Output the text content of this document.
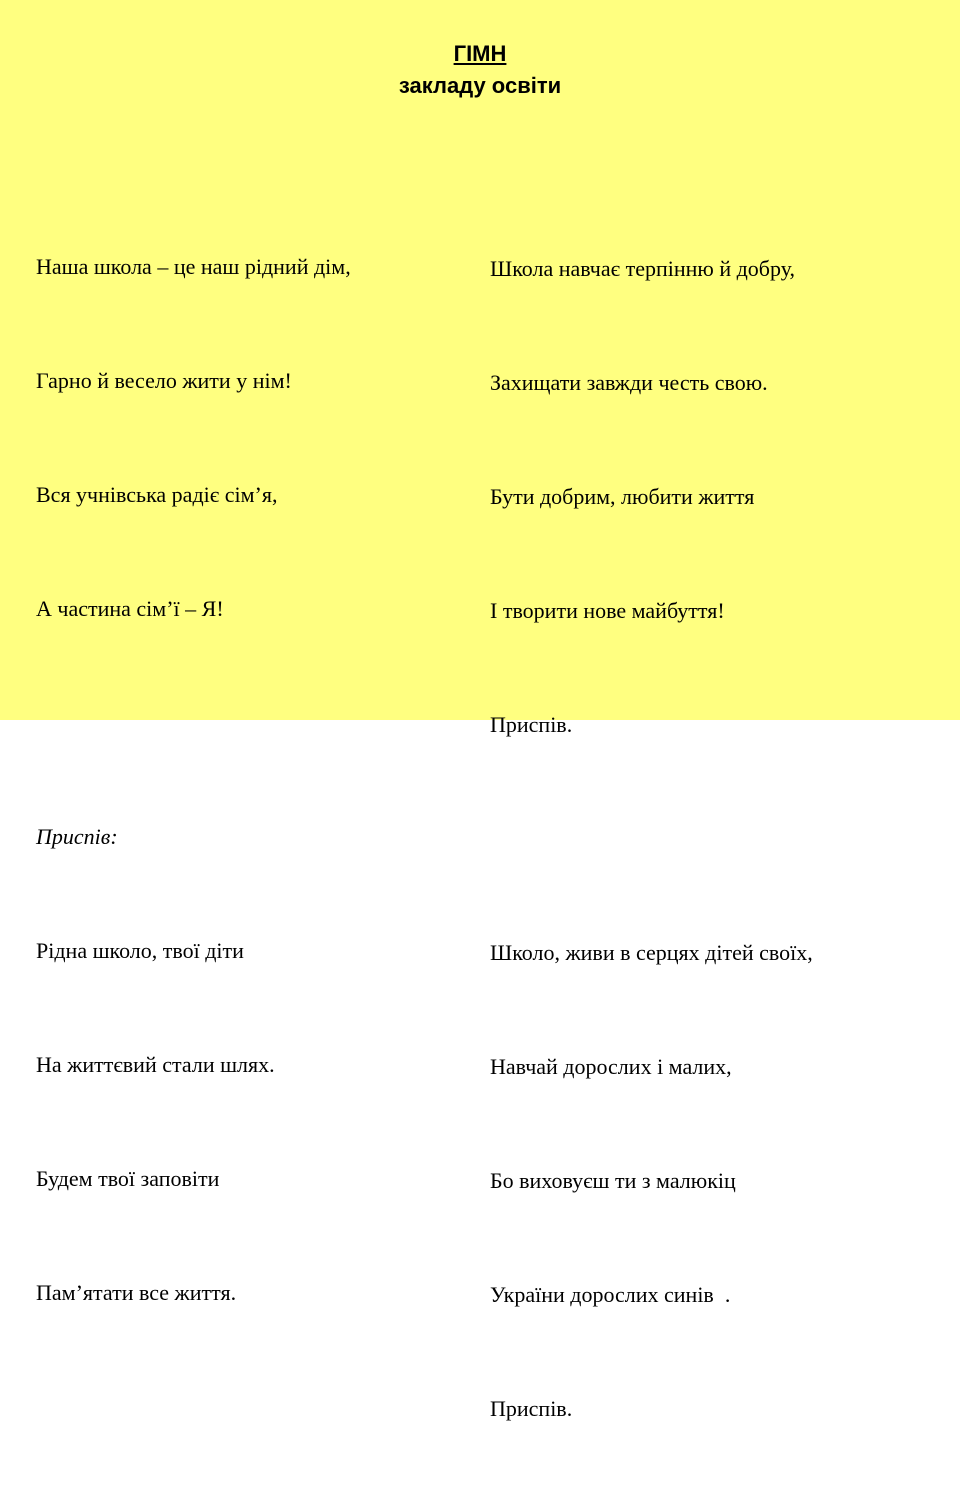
ГІМН
закладу освіти

Наша школа – це наш рідний дім,

Гарно й весело жити у нім!

Вся учнівська радіє сім’я,

А частина сім’ї – Я!

Приспів:

Рідна школо, твої діти

На життєвий стали шлях.

Будем твої заповіти

Пам’ятати все життя.

Школа навчає терпінню й добру,

Захищати завжди честь свою.

Бути добрим, любити життя

І творити нове майбуття!

Приспів.

Школо, живи в серцях дітей своїх,

Навчай дорослих і малих,

Бо виховуєш ти з малюкіц

України дорослих синів  .

Приспів.
